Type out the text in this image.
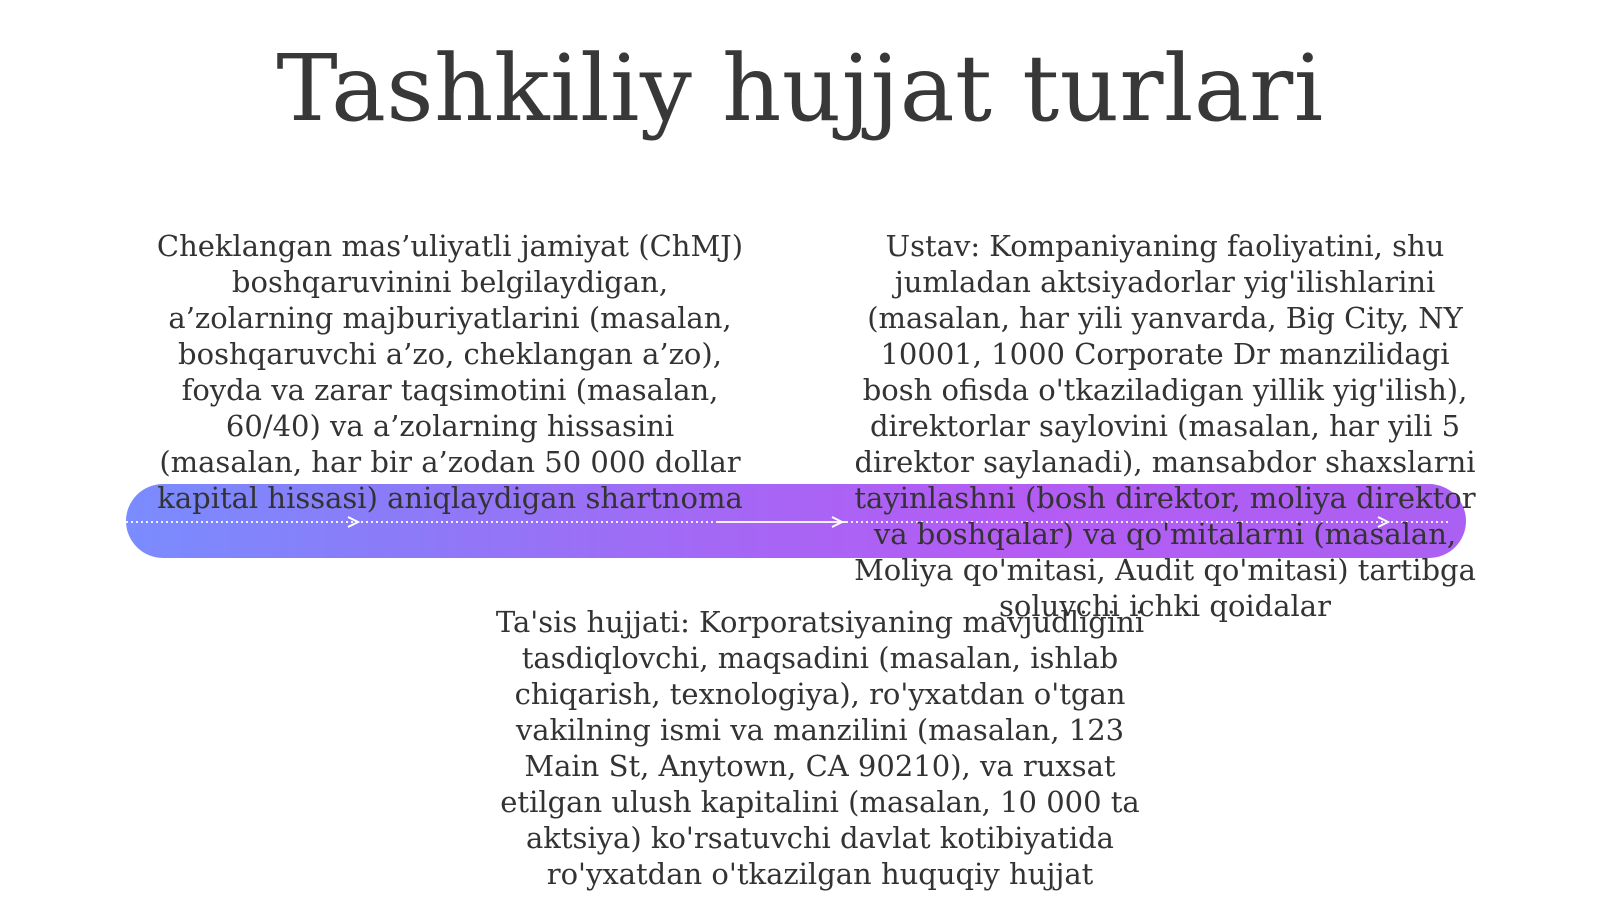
Tashkiliy hujjat turlari
Cheklangan mas’uliyatli jamiyat (ChMJ) boshqaruvinini belgilaydigan, a’zolarning majburiyatlarini (masalan, boshqaruvchi a’zo, cheklangan a’zo), foyda va zarar taqsimotini (masalan, 60/40) va a’zolarning hissasini (masalan, har bir a’zodan 50 000 dollar kapital hissasi) aniqlaydigan shartnoma
Ustav: Kompaniyaning faoliyatini, shu jumladan aktsiyadorlar yig'ilishlarini (masalan, har yili yanvarda, Big City, NY 10001, 1000 Corporate Dr manzilidagi bosh ofisda o'tkaziladigan yillik yig'ilish), direktorlar saylovini (masalan, har yili 5 direktor saylanadi), mansabdor shaxslarni tayinlashni (bosh direktor, moliya direktor va boshqalar) va qo'mitalarni (masalan, Moliya qo'mitasi, Audit qo'mitasi) tartibga soluvchi ichki qoidalar
Ta'sis hujjati: Korporatsiyaning mavjudligini tasdiqlovchi, maqsadini (masalan, ishlab chiqarish, texnologiya), ro'yxatdan o'tgan vakilning ismi va manzilini (masalan, 123 Main St, Anytown, CA 90210), va ruxsat etilgan ulush kapitalini (masalan, 10 000 ta aktsiya) ko'rsatuvchi davlat kotibiyatida ro'yxatdan o'tkazilgan huquqiy hujjat
